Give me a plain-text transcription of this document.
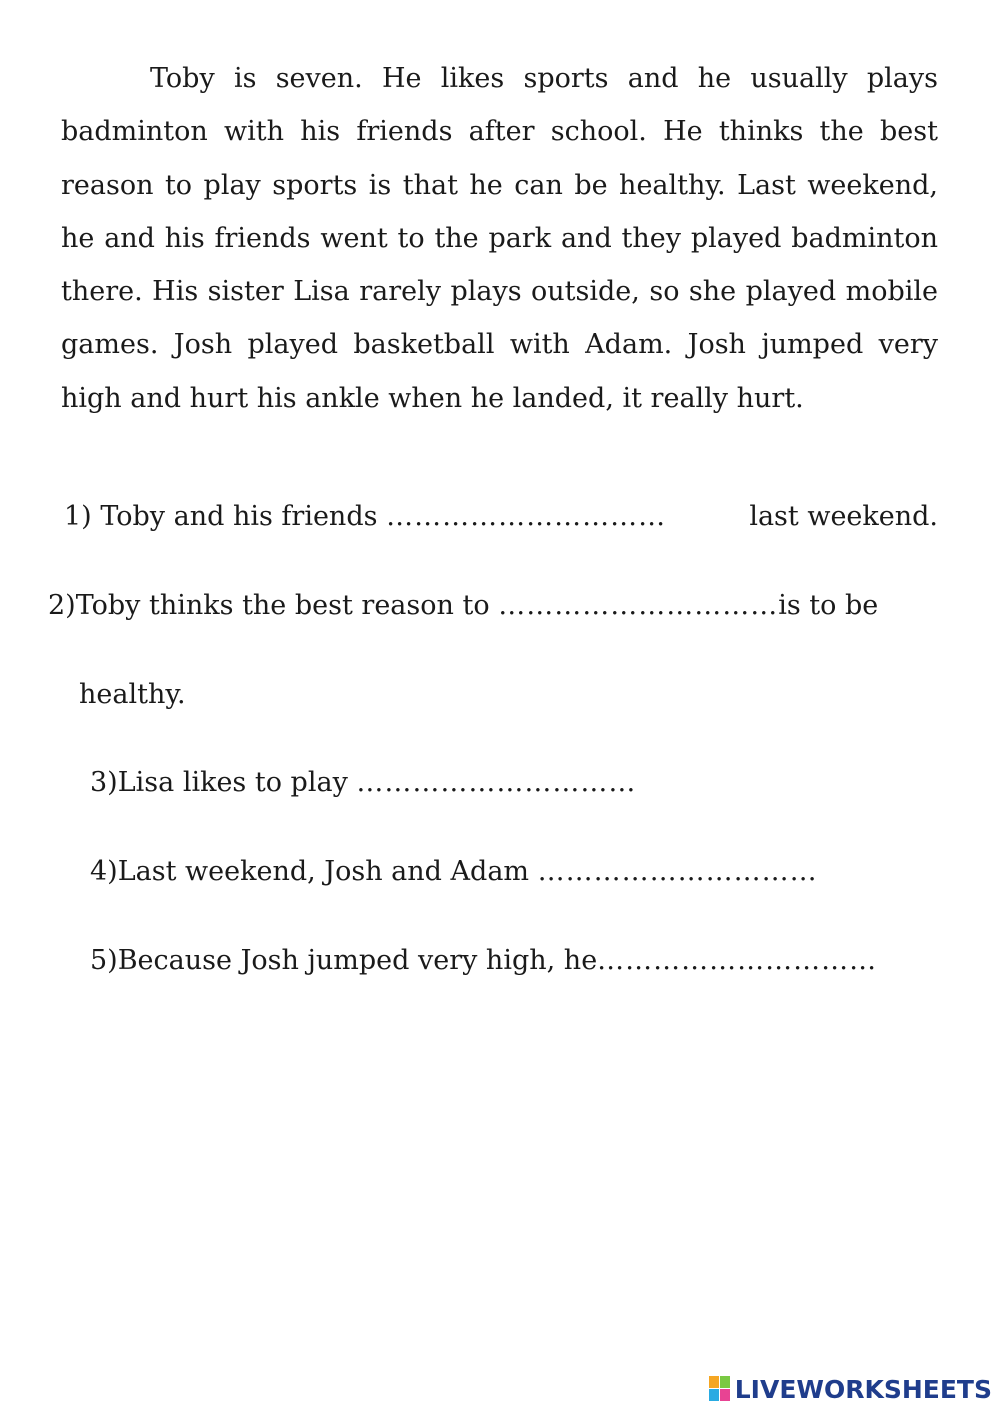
Toby is seven. He likes sports and he usually plays badminton with his friends after school. He thinks the best reason to play sports is that he can be healthy. Last weekend, he and his friends went to the park and they played badminton there. His sister Lisa rarely plays outside, so she played mobile games. Josh played basketball with Adam. Josh jumped very high and hurt his ankle when he landed, it really hurt.

1) Toby and his friends …………………………	last weekend.
2)Toby thinks the best reason to …………………………is to be
healthy.
3)Lisa likes to play …………………………
4)Last weekend, Josh and Adam …………………………
5)Because Josh jumped very high, he…………………………
LIVEWORKSHEETS
